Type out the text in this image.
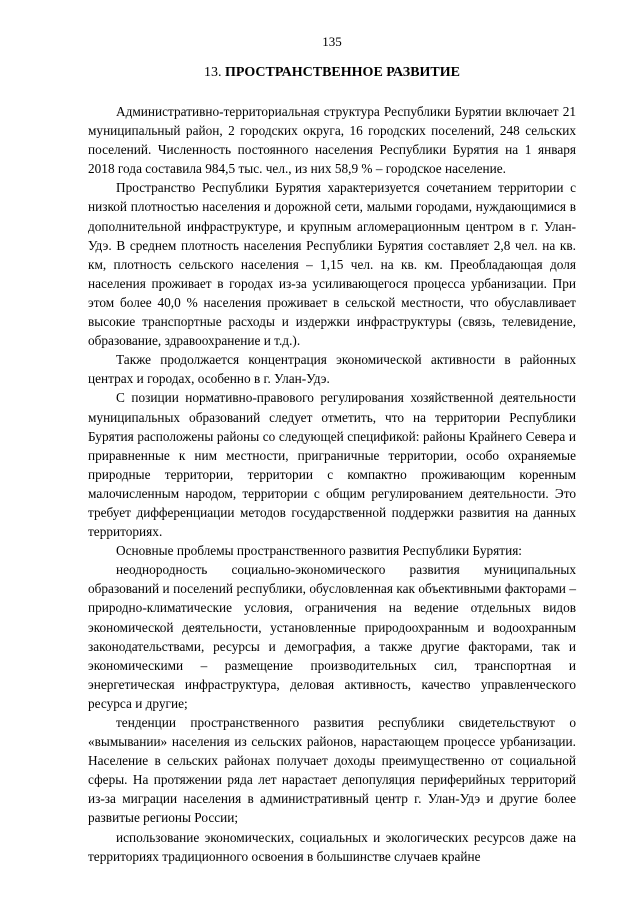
135
13. ПРОСТРАНСТВЕННОЕ РАЗВИТИЕ

Административно-территориальная структура Республики Бурятии включает 21 муниципальный район, 2 городских округа, 16 городских поселений, 248 сельских поселений. Численность постоянного населения Республики Бурятия на 1 января 2018 года составила 984,5 тыс. чел., из них 58,9 % – городское население.

Пространство Республики Бурятия характеризуется сочетанием территории с низкой плотностью населения и дорожной сети, малыми городами, нуждающимися в дополнительной инфраструктуре, и крупным агломерационным центром в г. Улан-Удэ. В среднем плотность населения Республики Бурятия составляет 2,8 чел. на кв. км, плотность сельского населения – 1,15 чел. на кв. км. Преобладающая доля населения проживает в городах из-за усиливающегося процесса урбанизации. При этом более 40,0 % населения проживает в сельской местности, что обуславливает высокие транспортные расходы и издержки инфраструктуры (связь, телевидение, образование, здравоохранение и т.д.).

Также продолжается концентрация экономической активности в районных центрах и городах, особенно в г. Улан-Удэ.

С позиции нормативно-правового регулирования хозяйственной деятельности муниципальных образований следует отметить, что на территории Республики Бурятия расположены районы со следующей спецификой: районы Крайнего Севера и приравненные к ним местности, приграничные территории, особо охраняемые природные территории, территории с компактно проживающим коренным малочисленным народом, территории с общим регулированием деятельности. Это требует дифференциации методов государственной поддержки развития на данных территориях.

Основные проблемы пространственного развития Республики Бурятия:

неоднородность социально-экономического развития муниципальных образований и поселений республики, обусловленная как объективными факторами – природно-климатические условия, ограничения на ведение отдельных видов экономической деятельности, установленные природоохранным и водоохранным законодательствами, ресурсы и демография, а также другие факторами, так и экономическими – размещение производительных сил, транспортная и энергетическая инфраструктура, деловая активность, качество управленческого ресурса и другие;

тенденции пространственного развития республики свидетельствуют о «вымывании» населения из сельских районов, нарастающем процессе урбанизации. Население в сельских районах получает доходы преимущественно от социальной сферы. На протяжении ряда лет нарастает депопуляция периферийных территорий из-за миграции населения в административный центр г. Улан-Удэ и другие более развитые регионы России;

использование экономических, социальных и экологических ресурсов даже на территориях традиционного освоения в большинстве случаев крайне
